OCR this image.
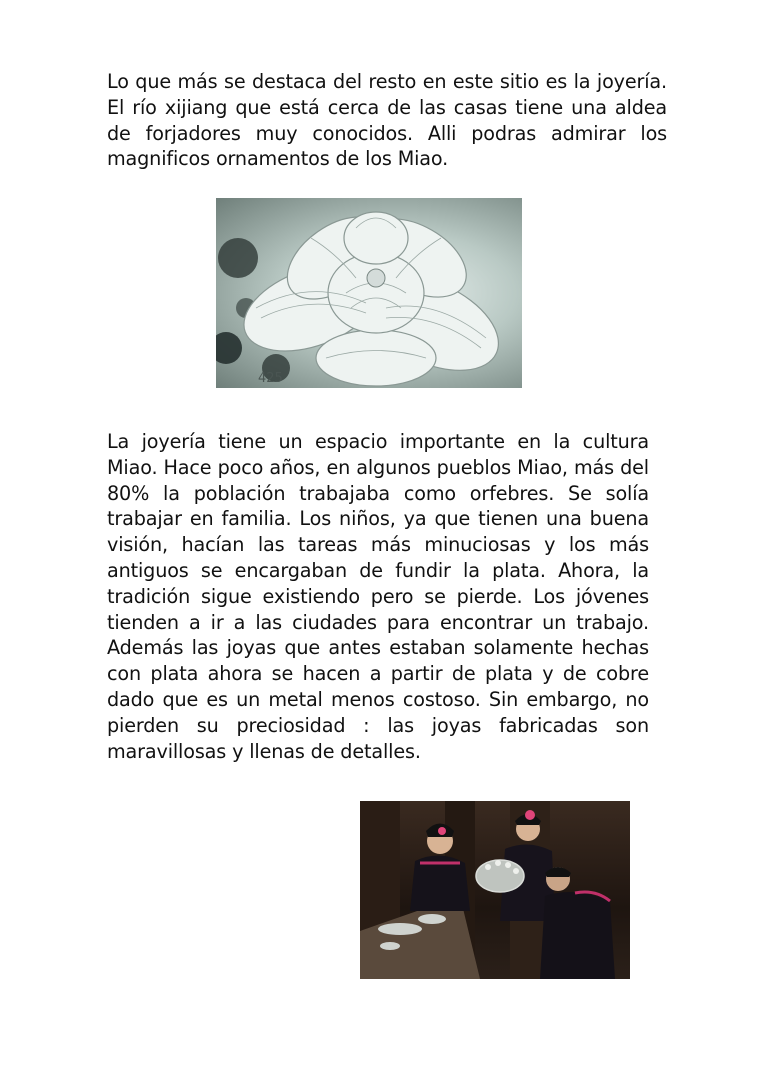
Lo que más se destaca del resto en este sitio es la joyería. El río xijiang que está cerca de las casas tiene una aldea de forjadores muy conocidos. Alli podras admirar los magnificos ornamentos de los Miao.

425

La joyería tiene un espacio importante en la cultura Miao. Hace poco años, en algunos pueblos Miao, más del 80% la población trabajaba como orfebres. Se solía trabajar en familia. Los niños, ya que tienen una buena visión, hacían las tareas más minuciosas y los más antiguos se encargaban de fundir la plata. Ahora, la tradición sigue existiendo pero se pierde. Los jóvenes tienden a ir a las ciudades para encontrar un trabajo. Además las joyas que antes estaban solamente hechas con plata ahora se hacen a partir de plata y de cobre dado que es un metal menos costoso. Sin embargo, no pierden su preciosidad : las joyas fabricadas son maravillosas y llenas de detalles.
